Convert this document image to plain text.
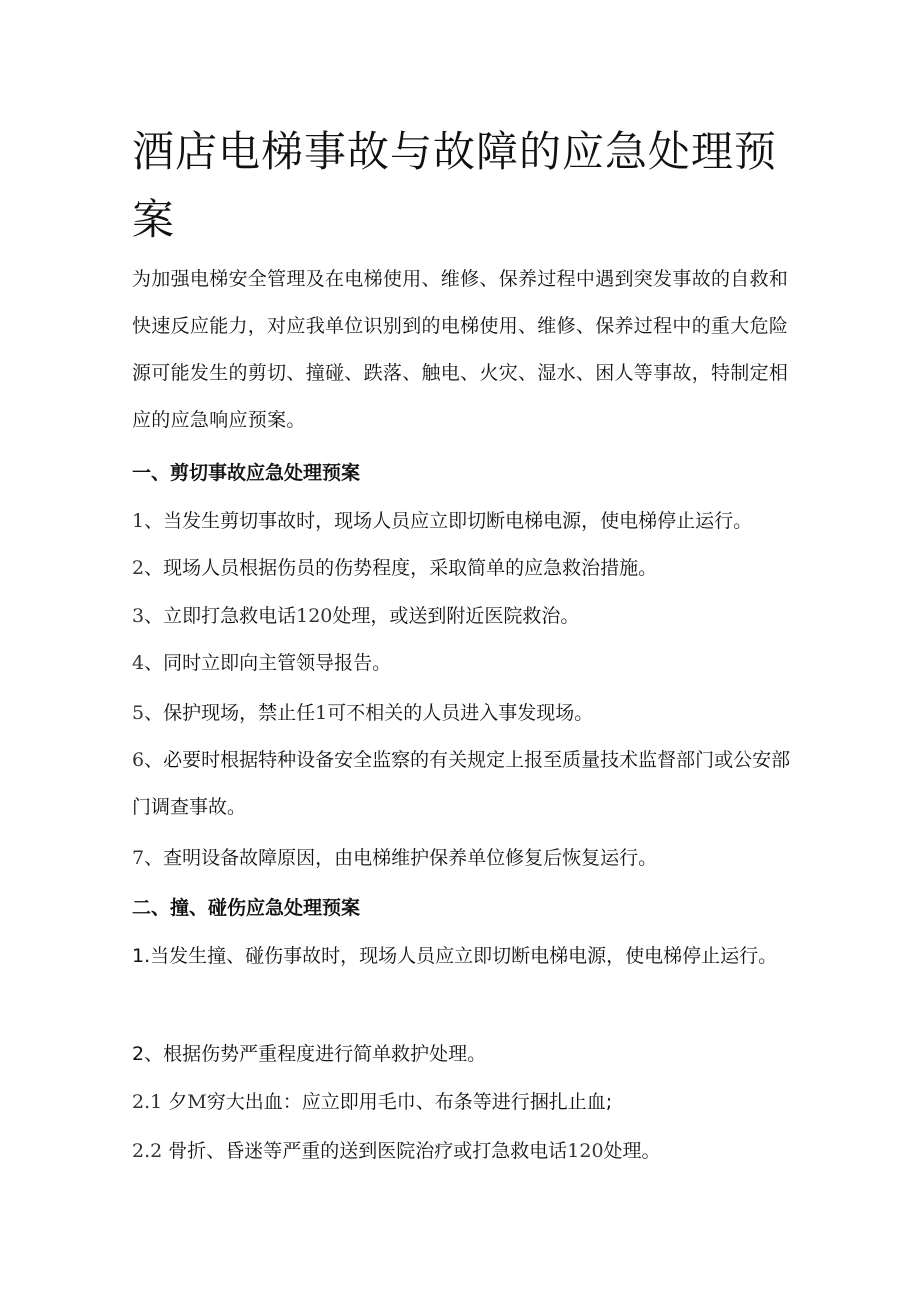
酒店电梯事故与故障的应急处理预案

为加强电梯安全管理及在电梯使用、维修、保养过程中遇到突发事故的自救和快速反应能力，对应我单位识别到的电梯使用、维修、保养过程中的重大危险源可能发生的剪切、撞碰、跌落、触电、火灾、湿水、困人等事故，特制定相应的应急响应预案。

一、剪切事故应急处理预案

1、当发生剪切事故时，现场人员应立即切断电梯电源，使电梯停止运行。

2、现场人员根据伤员的伤势程度，采取简单的应急救治措施。

3、立即打急救电话120处理，或送到附近医院救治。

4、同时立即向主管领导报告。

5、保护现场，禁止任1可不相关的人员进入事发现场。

6、必要时根据特种设备安全监察的有关规定上报至质量技术监督部门或公安部门调查事故。

7、查明设备故障原因，由电梯维护保养单位修复后恢复运行。

二、撞、碰伤应急处理预案

1.当发生撞、碰伤事故时，现场人员应立即切断电梯电源，使电梯停止运行。

2、根据伤势严重程度进行简单救护处理。

2.1 夕M穷大出血：应立即用毛巾、布条等进行捆扎止血;

2.2 骨折、昏迷等严重的送到医院治疗或打急救电话120处理。
